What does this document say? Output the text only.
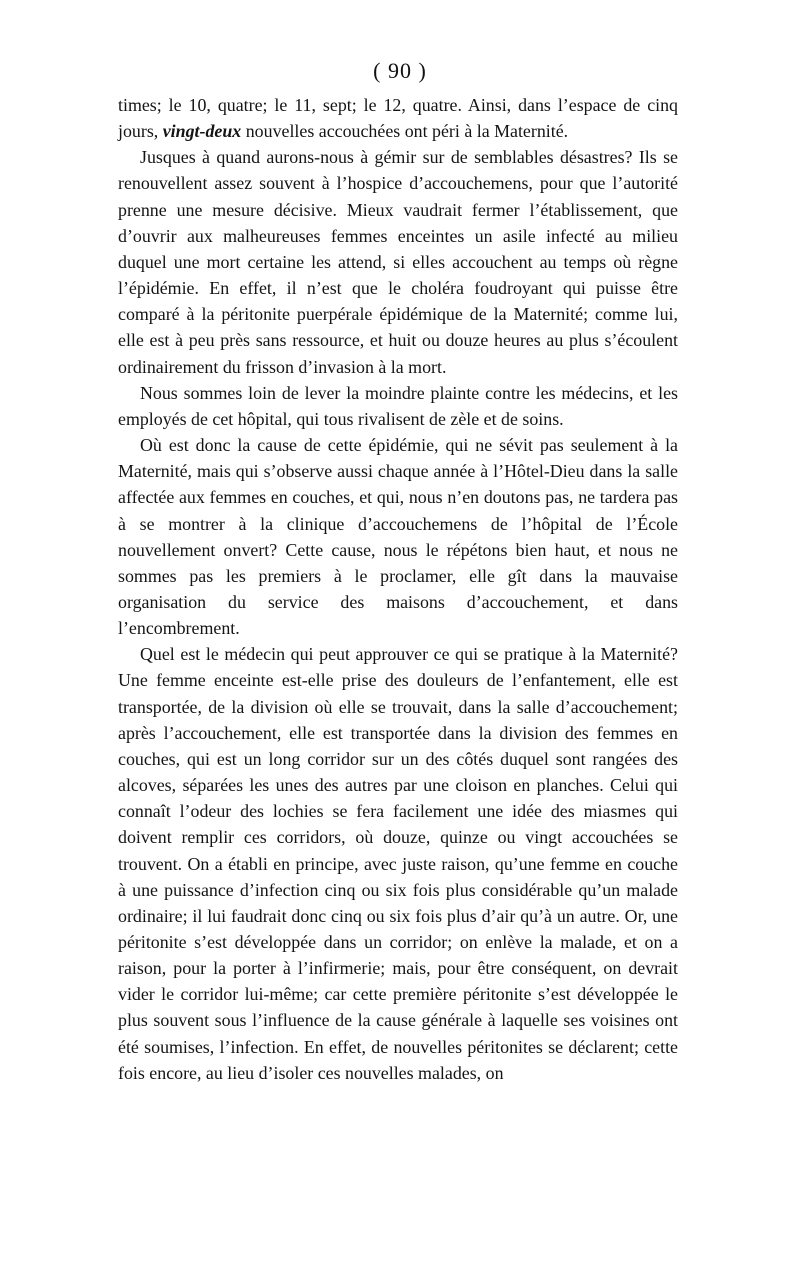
( 90 )

times; le 10, quatre; le 11, sept; le 12, quatre. Ainsi, dans l’espace de cinq jours, vingt-deux nouvelles accouchées ont péri à la Maternité.

Jusques à quand aurons-nous à gémir sur de semblables désastres? Ils se renouvellent assez souvent à l’hospice d’accouchemens, pour que l’autorité prenne une mesure décisive. Mieux vaudrait fermer l’établissement, que d’ouvrir aux malheureuses femmes enceintes un asile infecté au milieu duquel une mort certaine les attend, si elles accouchent au temps où règne l’épidémie. En effet, il n’est que le choléra foudroyant qui puisse être comparé à la péritonite puerpérale épidémique de la Maternité; comme lui, elle est à peu près sans ressource, et huit ou douze heures au plus s’écoulent ordinairement du frisson d’invasion à la mort.

Nous sommes loin de lever la moindre plainte contre les médecins, et les employés de cet hôpital, qui tous rivalisent de zèle et de soins.

Où est donc la cause de cette épidémie, qui ne sévit pas seulement à la Maternité, mais qui s’observe aussi chaque année à l’Hôtel-Dieu dans la salle affectée aux femmes en couches, et qui, nous n’en doutons pas, ne tardera pas à se montrer à la clinique d’accouchemens de l’hôpital de l’École nouvellement onvert? Cette cause, nous le répétons bien haut, et nous ne sommes pas les premiers à le proclamer, elle gît dans la mauvaise organisation du service des maisons d’accouchement, et dans l’encombrement.

Quel est le médecin qui peut approuver ce qui se pratique à la Maternité? Une femme enceinte est-elle prise des douleurs de l’enfantement, elle est transportée, de la division où elle se trouvait, dans la salle d’accouchement; après l’accouchement, elle est transportée dans la division des femmes en couches, qui est un long corridor sur un des côtés duquel sont rangées des alcoves, séparées les unes des autres par une cloison en planches. Celui qui connaît l’odeur des lochies se fera facilement une idée des miasmes qui doivent remplir ces corridors, où douze, quinze ou vingt accouchées se trouvent. On a établi en principe, avec juste raison, qu’une femme en couche à une puissance d’infection cinq ou six fois plus considérable qu’un malade ordinaire; il lui faudrait donc cinq ou six fois plus d’air qu’à un autre. Or, une péritonite s’est développée dans un corridor; on enlève la malade, et on a raison, pour la porter à l’infirmerie; mais, pour être conséquent, on devrait vider le corridor lui-même; car cette première péritonite s’est développée le plus souvent sous l’influence de la cause générale à laquelle ses voisines ont été soumises, l’infection. En effet, de nouvelles péritonites se déclarent; cette fois encore, au lieu d’isoler ces nouvelles malades, on
